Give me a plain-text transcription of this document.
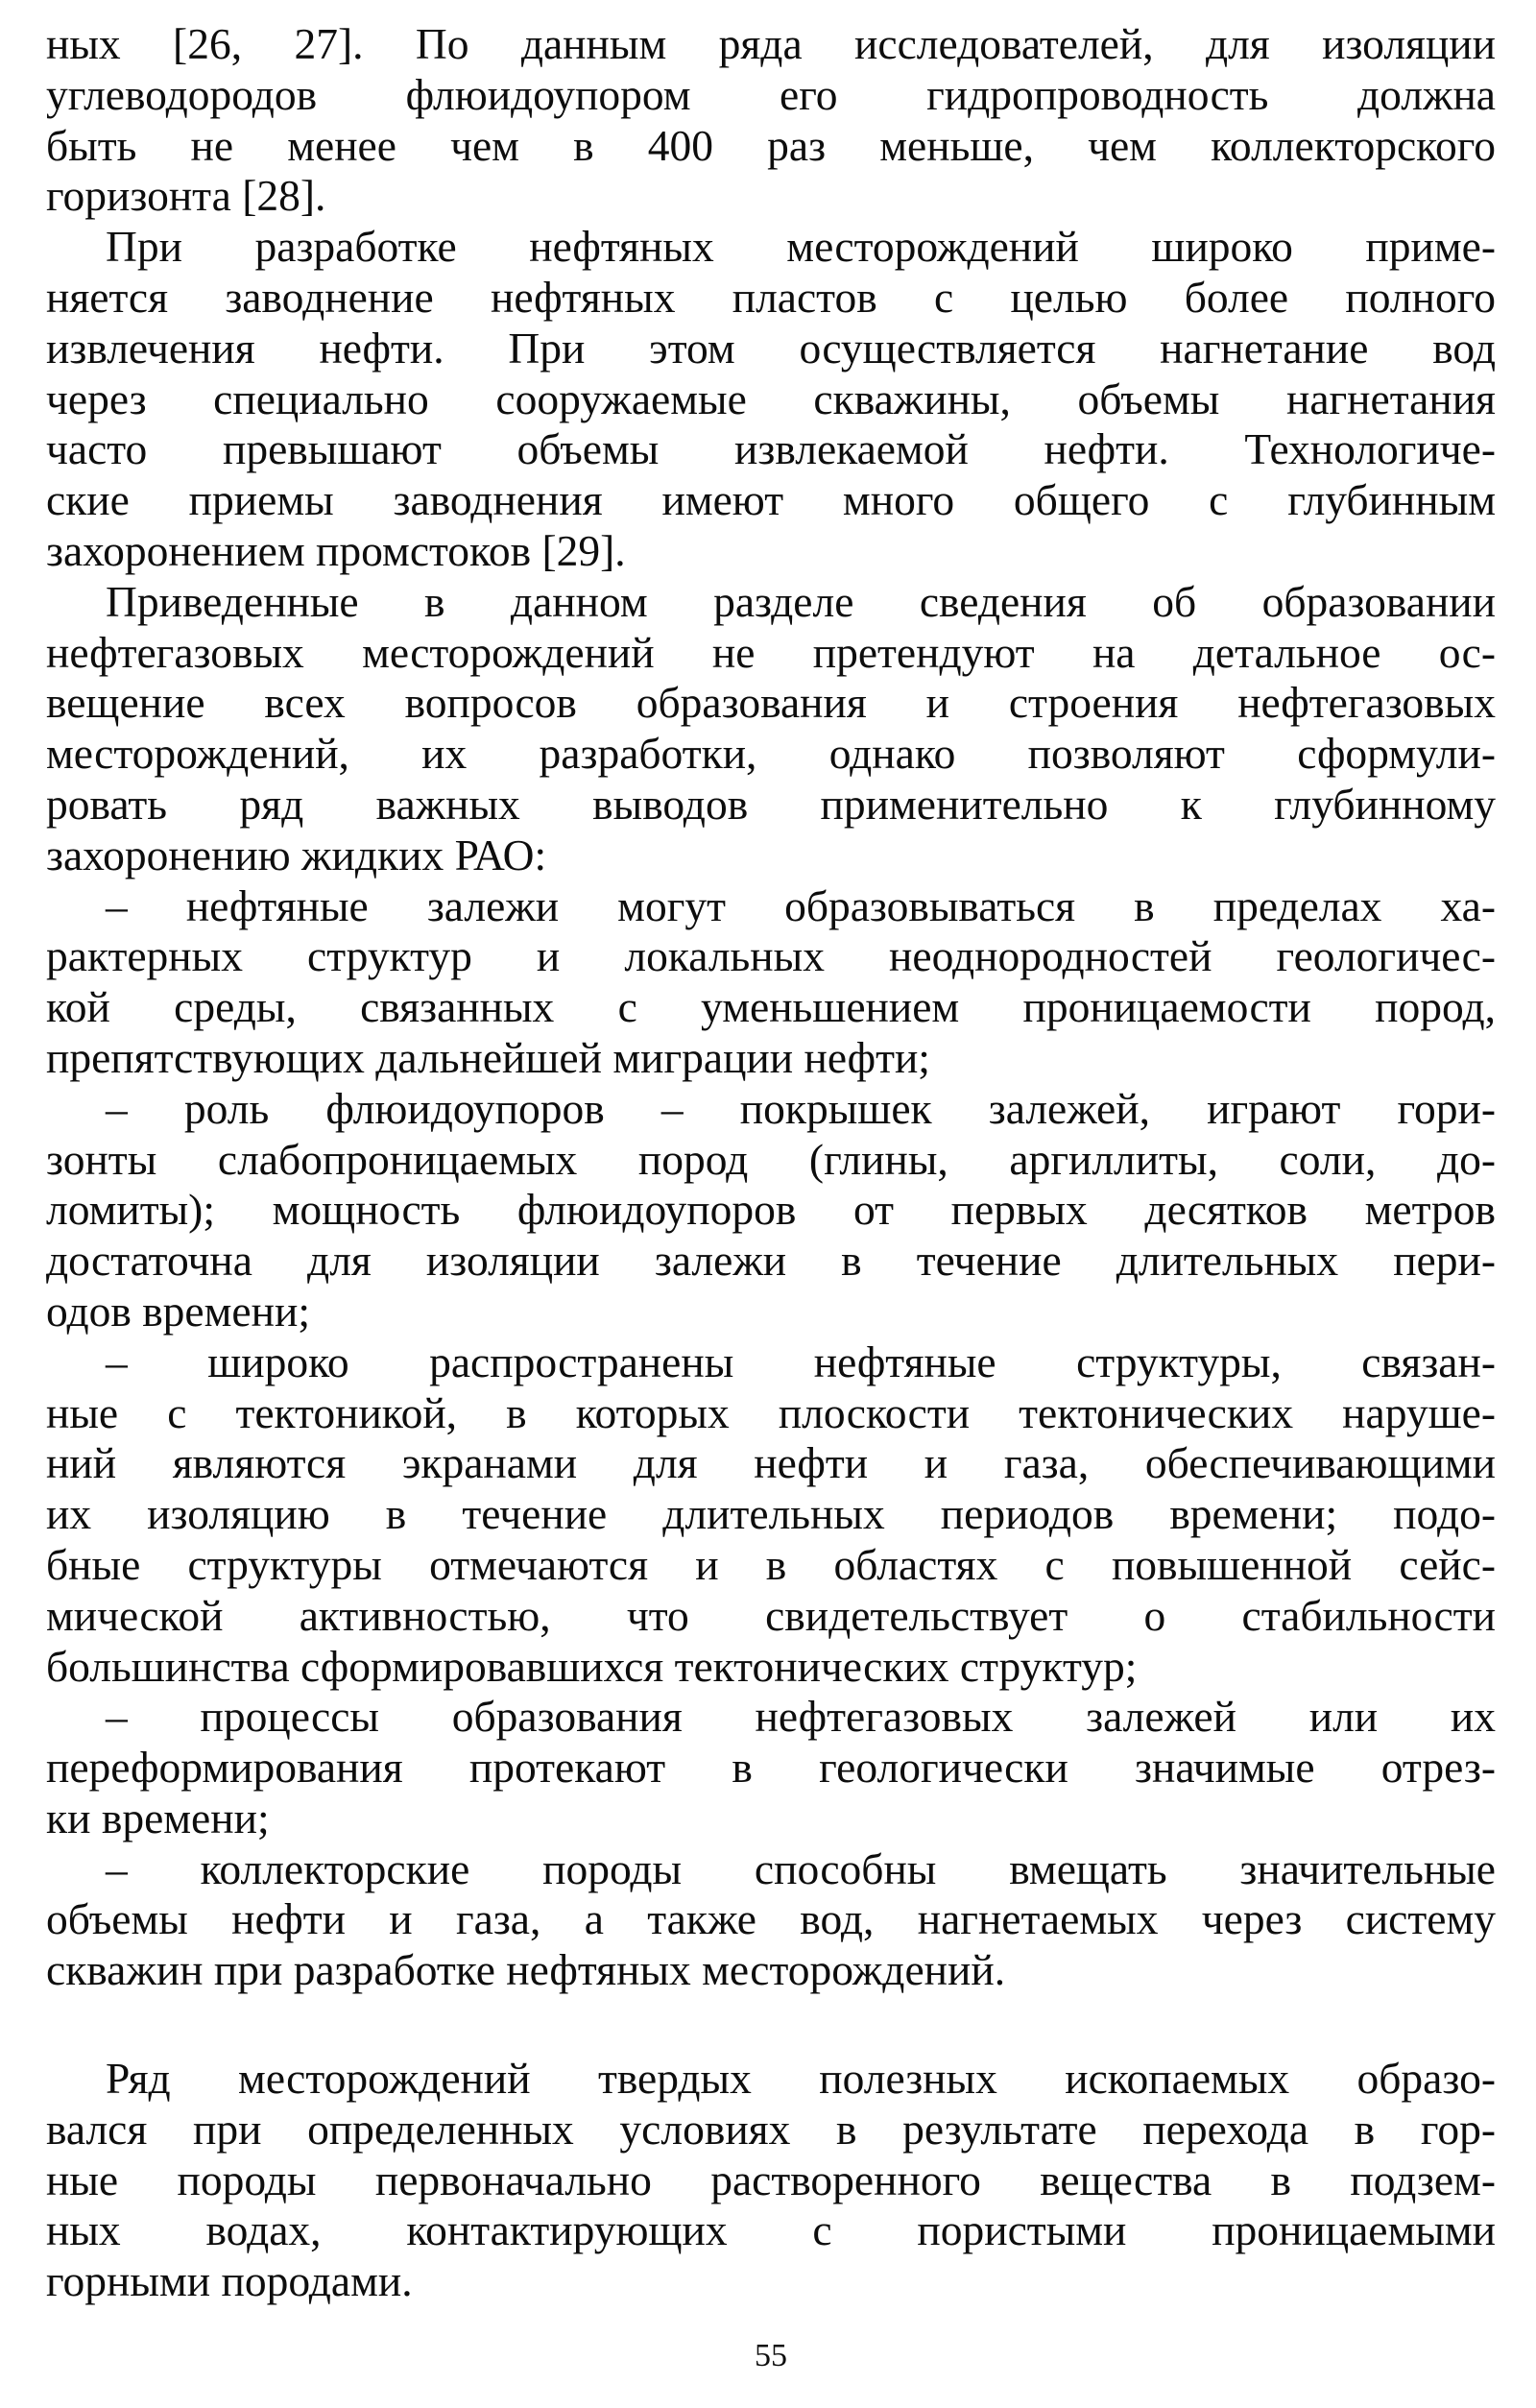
ных [26, 27]. По данным ряда исследователей, для изоляции
углеводородов флюидоупором его гидропроводность должна
быть не менее чем в 400 раз меньше, чем коллекторского
горизонта [28].
При разработке нефтяных месторождений широко приме-
няется заводнение нефтяных пластов с целью более полного
извлечения нефти. При этом осуществляется нагнетание вод
через специально сооружаемые скважины, объемы нагнетания
часто превышают объемы извлекаемой нефти. Технологиче-
ские приемы заводнения имеют много общего с глубинным
захоронением промстоков [29].
Приведенные в данном разделе сведения об образовании
нефтегазовых месторождений не претендуют на детальное ос-
вещение всех вопросов образования и строения нефтегазовых
месторождений, их разработки, однако позволяют сформули-
ровать ряд важных выводов применительно к глубинному
захоронению жидких РАО:
– нефтяные залежи могут образовываться в пределах ха-
рактерных структур и локальных неоднородностей геологичес-
кой среды, связанных с уменьшением проницаемости пород,
препятствующих дальнейшей миграции нефти;
– роль флюидоупоров – покрышек залежей, играют гори-
зонты слабопроницаемых пород (глины, аргиллиты, соли, до-
ломиты); мощность флюидоупоров от первых десятков метров
достаточна для изоляции залежи в течение длительных пери-
одов времени;
– широко распространены нефтяные структуры, связан-
ные с тектоникой, в которых плоскости тектонических наруше-
ний являются экранами для нефти и газа, обеспечивающими
их изоляцию в течение длительных периодов времени; подо-
бные структуры отмечаются и в областях с повышенной сейс-
мической активностью, что свидетельствует о стабильности
большинства сформировавшихся тектонических структур;
– процессы образования нефтегазовых залежей или их
переформирования протекают в геологически значимые отрез-
ки времени;
– коллекторские породы способны вмещать значительные
объемы нефти и газа, а также вод, нагнетаемых через систему
скважин при разработке нефтяных месторождений.
Ряд месторождений твердых полезных ископаемых образо-
вался при определенных условиях в результате перехода в гор-
ные породы первоначально растворенного вещества в подзем-
ных водах, контактирующих с пористыми проницаемыми
горными породами.
55
